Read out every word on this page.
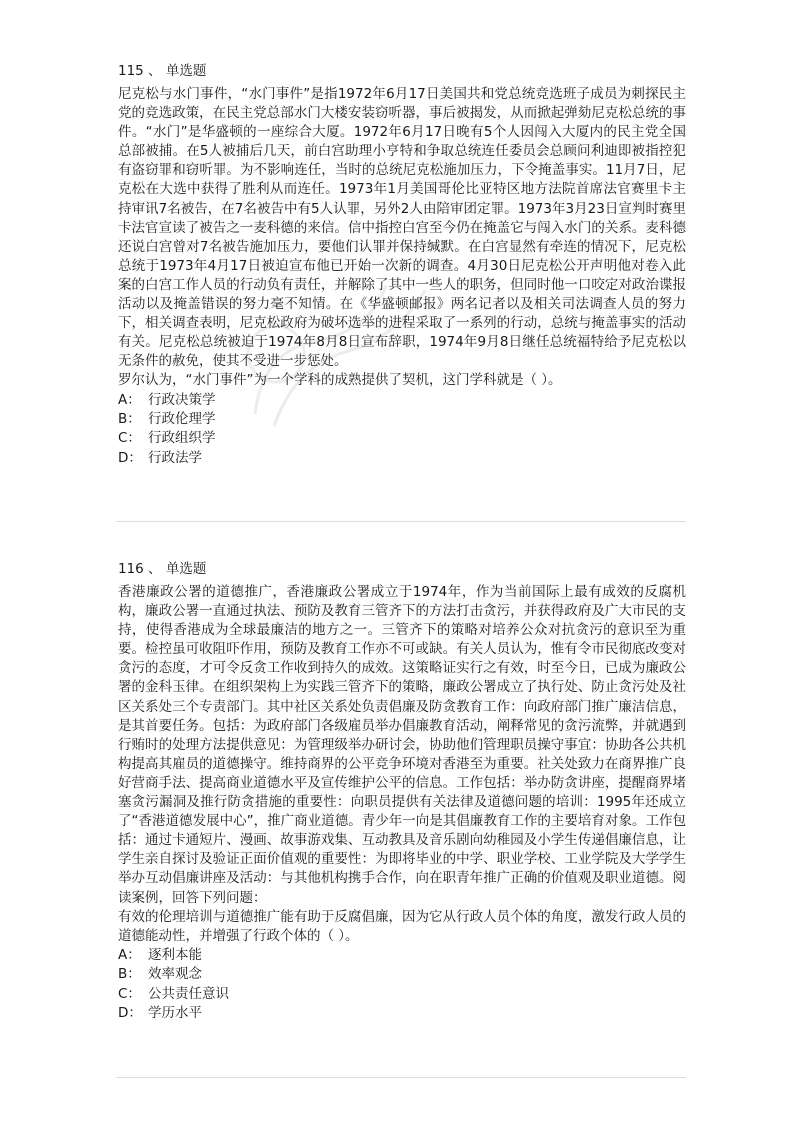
115 、 单选题
尼克松与水门事件，“水门事件”是指1972年6月17日美国共和党总统竞选班子成员为刺探民主党的竞选政策，在民主党总部水门大楼安装窃听器，事后被揭发，从而掀起弹劾尼克松总统的事件。“水门”是华盛顿的一座综合大厦。1972年6月17日晚有5个人因闯入大厦内的民主党全国总部被捕。在5人被捕后几天，前白宫助理小亨特和争取总统连任委员会总顾问利迪即被指控犯有盗窃罪和窃听罪。为不影响连任，当时的总统尼克松施加压力，下令掩盖事实。11月7日，尼克松在大选中获得了胜利从而连任。1973年1月美国哥伦比亚特区地方法院首席法官赛里卡主持审讯7名被告，在7名被告中有5人认罪，另外2人由陪审团定罪。1973年3月23日宣判时赛里卡法官宣读了被告之一麦科德的来信。信中指控白宫至今仍在掩盖它与闯入水门的关系。麦科德还说白宫曾对7名被告施加压力，要他们认罪并保持缄默。在白宫显然有牵连的情况下，尼克松总统于1973年4月17日被迫宣布他已开始一次新的调查。4月30日尼克松公开声明他对卷入此案的白宫工作人员的行动负有责任，并解除了其中一些人的职务，但同时他一口咬定对政治谍报活动以及掩盖错误的努力毫不知情。在《华盛顿邮报》两名记者以及相关司法调查人员的努力下，相关调查表明，尼克松政府为破坏选举的进程采取了一系列的行动，总统与掩盖事实的活动有关。尼克松总统被迫于1974年8月8日宣布辞职，1974年9月8日继任总统福特给予尼克松以无条件的赦免，使其不受进一步惩处。
罗尔认为，“水门事件”为一个学科的成熟提供了契机，这门学科就是（ ）。
A： 行政决策学
B： 行政伦理学
C： 行政组织学
D： 行政法学
116 、 单选题
香港廉政公署的道德推广，香港廉政公署成立于1974年，作为当前国际上最有成效的反腐机构，廉政公署一直通过执法、预防及教育三管齐下的方法打击贪污，并获得政府及广大市民的支持，使得香港成为全球最廉洁的地方之一。三管齐下的策略对培养公众对抗贪污的意识至为重要。检控虽可收阻吓作用，预防及教育工作亦不可或缺。有关人员认为，惟有令市民彻底改变对贪污的态度，才可令反贪工作收到持久的成效。这策略证实行之有效，时至今日，已成为廉政公署的金科玉律。在组织架构上为实践三管齐下的策略，廉政公署成立了执行处、防止贪污处及社区关系处三个专责部门。其中社区关系处负责倡廉及防贪教育工作：向政府部门推广廉洁信息，是其首要任务。包括：为政府部门各级雇员举办倡廉教育活动，阐释常见的贪污流弊，并就遇到行贿时的处理方法提供意见：为管理级举办研讨会，协助他们管理职员操守事宜：协助各公共机构提高其雇员的道德操守。维持商界的公平竞争环境对香港至为重要。社关处致力在商界推广良好营商手法、提高商业道德水平及宣传维护公平的信息。工作包括：举办防贪讲座，提醒商界堵塞贪污漏洞及推行防贪措施的重要性：向职员提供有关法律及道德问题的培训：1995年还成立了“香港道德发展中心”，推广商业道德。青少年一向是其倡廉教育工作的主要培育对象。工作包括：通过卡通短片、漫画、故事游戏集、互动教具及音乐剧向幼稚园及小学生传递倡廉信息，让学生亲自探讨及验证正面价值观的重要性：为即将毕业的中学、职业学校、工业学院及大学学生举办互动倡廉讲座及活动：与其他机构携手合作，向在职青年推广正确的价值观及职业道德。阅读案例，回答下列问题：
有效的伦理培训与道德推广能有助于反腐倡廉，因为它从行政人员个体的角度，激发行政人员的道德能动性，并增强了行政个体的（ ）。
A： 逐利本能
B： 效率观念
C： 公共责任意识
D： 学历水平
